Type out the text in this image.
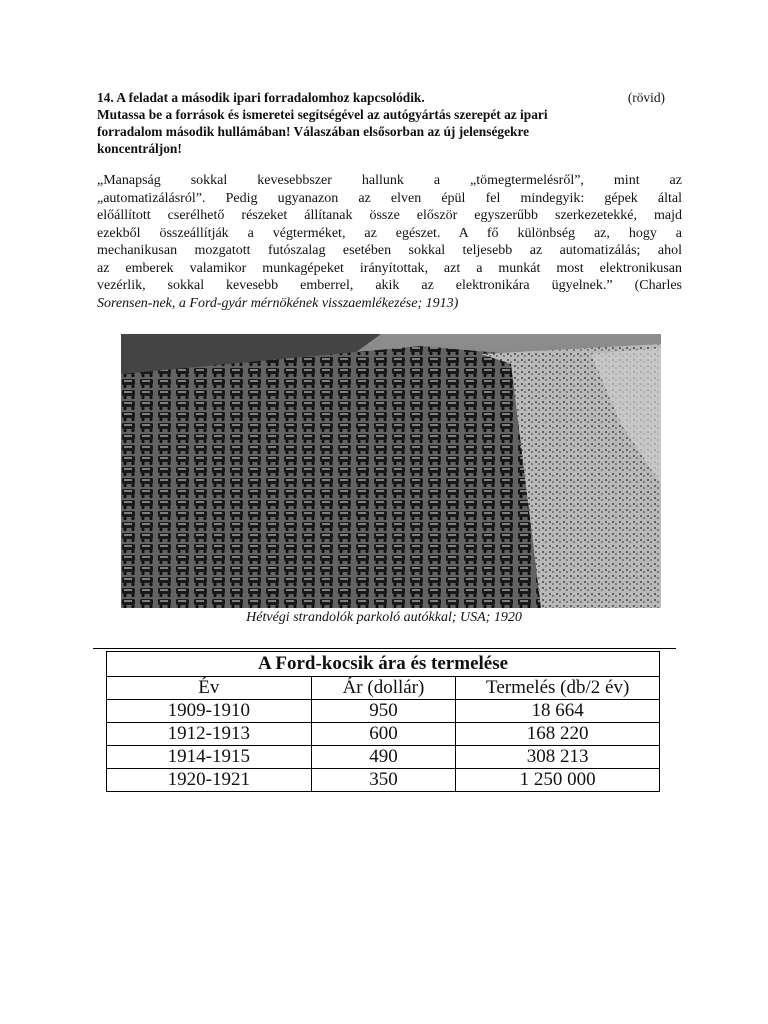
14. A feladat a második ipari forradalomhoz kapcsolódik.	(rövid)
Mutassa be a források és ismeretei segítségével az autógyártás szerepét az ipari
forradalom második hullámában! Válaszában elsősorban az új jelenségekre
koncentráljon!
„Manapság sokkal kevesebbszer hallunk a „tömegtermelésről”, mint az
„automatizálásról”. Pedig ugyanazon az elven épül fel mindegyik: gépek által
előállított cserélhető részeket állítanak össze először egyszerűbb szerkezetekké, majd
ezekből összeállítják a végterméket, az egészet. A fő különbség az, hogy a
mechanikusan mozgatott futószalag esetében sokkal teljesebb az automatizálás; ahol
az emberek valamikor munkagépeket irányítottak, azt a munkát most elektronikusan
vezérlik, sokkal kevesebb emberrel, akik az elektronikára ügyelnek.” (Charles
Sorensen-nek, a Ford-gyár mérnökének visszaemlékezése; 1913)
Hétvégi strandolók parkoló autókkal; USA; 1920
A Ford-kocsik ára és termelése		
Év	Ár (dollár)	Termelés (db/2 év)
1909-1910	950	18 664
1912-1913	600	168 220
1914-1915	490	308 213
1920-1921	350	1 250 000
